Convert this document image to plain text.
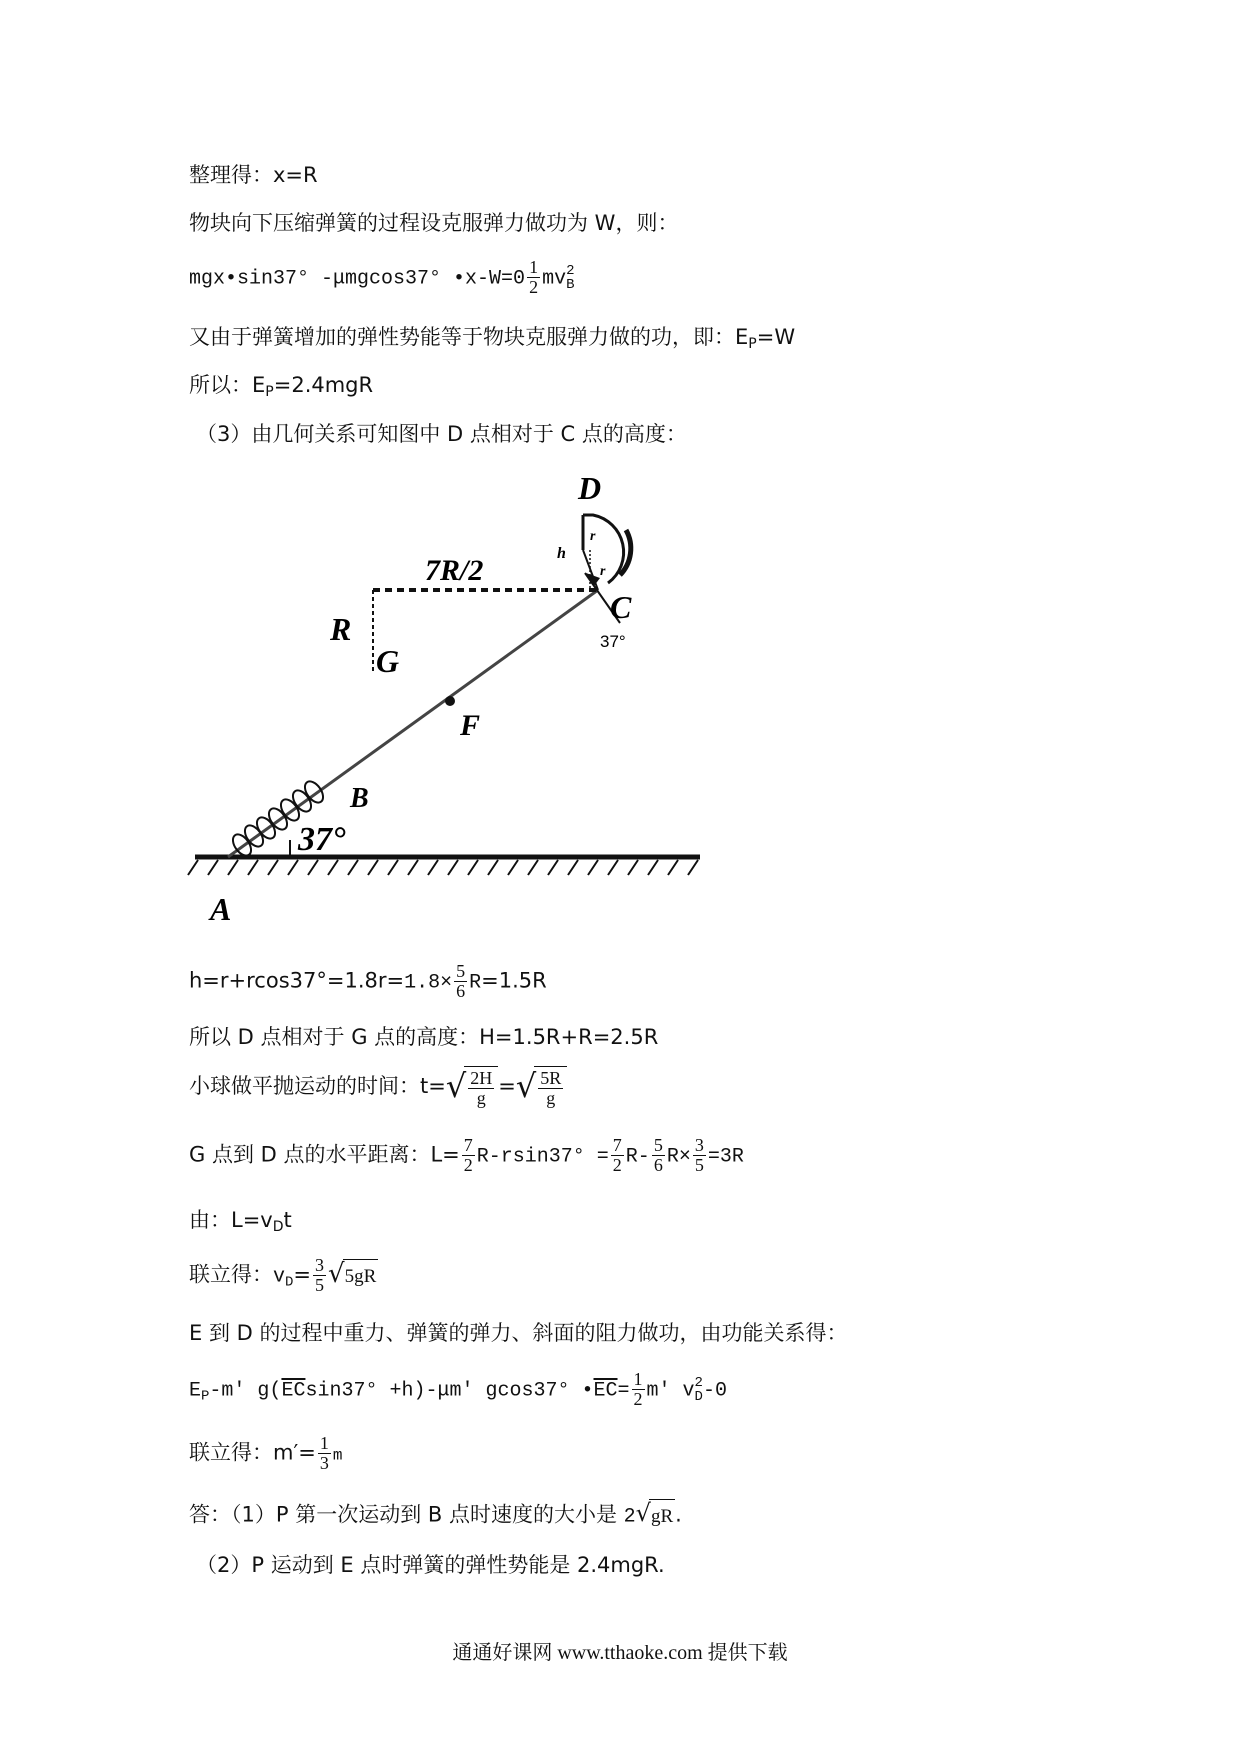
整理得：x=R
物块向下压缩弹簧的过程设克服弹力做功为 W，则：
mgx•sin37° -μmgcos37° •x-W=0 $\frac{1}{2}$ mv 2
B
又由于弹簧增加的弹性势能等于物块克服弹力做的功，即：$E_P=W$
所以：$E_P=2.4mgR$
（3）由几何关系可知图中 D 点相对于 C 点的高度：
D
7R/2
h
r
r
C
37°
R
G
F
B
37°
A
$h=r+rcos37^\circ=1.8r=1.8\times \frac{5}{6} R=1.5R$
所以 D 点相对于 G 点的高度：H=1.5R+R=2.5R
小球做平抛运动的时间：t= √ $\frac{2H}{g}$ = √ $\frac{5R}{g}$
G 点到 D 点的水平距离：$L= \frac{7}{2} R-rsin37^\circ = \frac{7}{2} R- \frac{5}{6} R\times \frac{3}{5} =3R$
由：$L=v_Dt$
联立得：$v_D= \frac{3}{5}$ √ 5gR
E 到 D 的过程中重力、弹簧的弹力、斜面的阻力做功，由功能关系得：
$E_P-m'$ $g(\overline{EC}\sin 37^\circ +h)-\mu m'$ gcos37° $•\overline{EC}= \frac{1}{2} m'$ v 2
D -0
联立得：$m'= \frac{1}{3}$ m
答：（1）P 第一次运动到 B 点时速度的大小是 2 √ gR .
（2）P 运动到 E 点时弹簧的弹性势能是 2.4mgR.
通通好课网 www.tthaoke.com 提供下载
